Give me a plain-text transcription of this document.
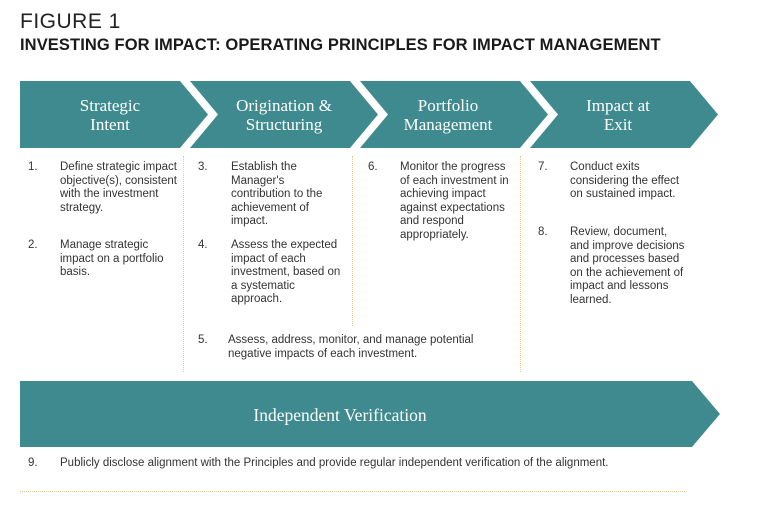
FIGURE 1
INVESTING FOR IMPACT: OPERATING PRINCIPLES FOR IMPACT MANAGEMENT
Strategic
Intent
Origination &
Structuring
Portfolio
Management
Impact at
Exit
Independent Verification
1. Define strategic impact objective(s), consistent with the investment strategy.
2. Manage strategic impact on a portfolio basis.
3. Establish the Manager's contribution to the achievement of impact.
4. Assess the expected impact of each investment, based on a systematic approach.
5. Assess, address, monitor, and manage potential negative impacts of each investment.
6. Monitor the progress of each investment in achieving impact against expectations and respond appropriately.
7. Conduct exits considering the effect on sustained impact.
8. Review, document, and improve decisions and processes based on the achievement of impact and lessons learned.
9. Publicly disclose alignment with the Principles and provide regular independent verification of the alignment.
